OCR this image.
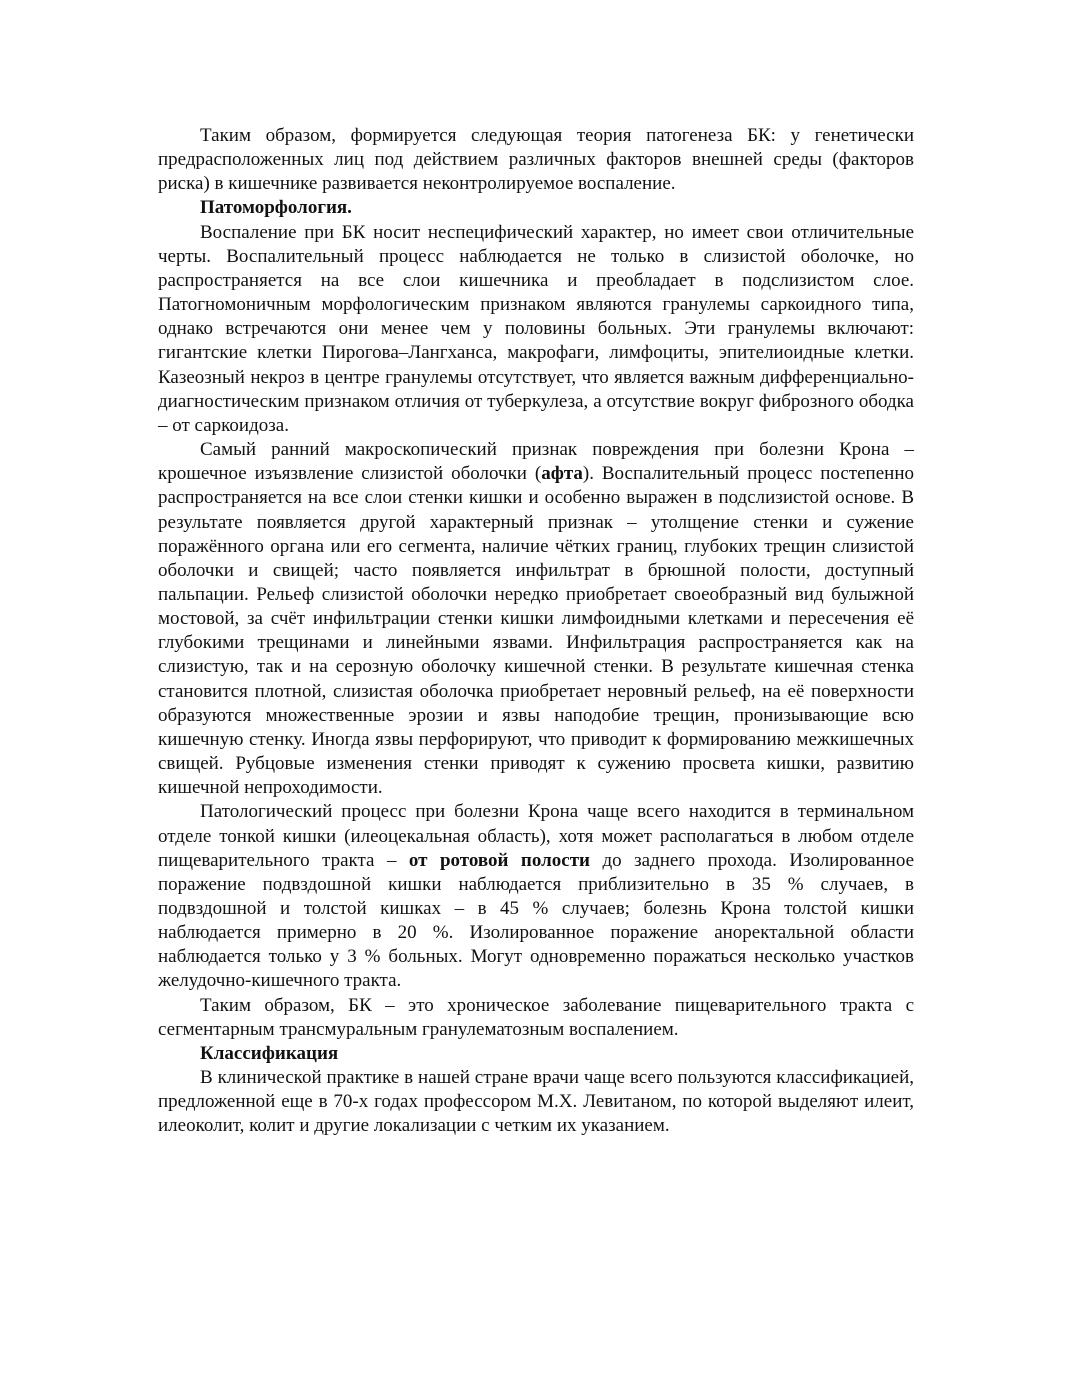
Таким образом, формируется следующая теория патогенеза БК: у генетически предрасположенных лиц под действием различных факторов внешней среды (факторов риска) в кишечнике развивается неконтролируемое воспаление.

Патоморфология.

Воспаление при БК носит неспецифический характер, но имеет свои отличительные черты. Воспалительный процесс наблюдается не только в слизистой оболочке, но распространяется на все слои кишечника и преобладает в подслизистом слое. Патогномоничным морфологическим признаком являются гранулемы саркоидного типа, однако встречаются они менее чем у половины больных. Эти гранулемы включают: гигантские клетки Пирогова–Лангханса, макрофаги, лимфоциты, эпителиоидные клетки. Казеозный некроз в центре гранулемы отсутствует, что является важным дифференциально-диагностическим признаком отличия от туберкулеза, а отсутствие вокруг фиброзного ободка – от саркоидоза.

Самый ранний макроскопический признак повреждения при болезни Крона – крошечное изъязвление слизистой оболочки (афта). Воспалительный процесс постепенно распространяется на все слои стенки кишки и особенно выражен в подслизистой основе. В результате появляется другой характерный признак – утолщение стенки и сужение поражённого органа или его сегмента, наличие чётких границ, глубоких трещин слизистой оболочки и свищей; часто появляется инфильтрат в брюшной полости, доступный пальпации. Рельеф слизистой оболочки нередко приобретает своеобразный вид булыжной мостовой, за счёт инфильтрации стенки кишки лимфоидными клетками и пересечения её глубокими трещинами и линейными язвами. Инфильтрация распространяется как на слизистую, так и на серозную оболочку кишечной стенки. В результате кишечная стенка становится плотной, слизистая оболочка приобретает неровный рельеф, на её поверхности образуются множественные эрозии и язвы наподобие трещин, пронизывающие всю кишечную стенку. Иногда язвы перфорируют, что приводит к формированию межкишечных свищей. Рубцовые изменения стенки приводят к сужению просвета кишки, развитию кишечной непроходимости.

Патологический процесс при болезни Крона чаще всего находится в терминальном отделе тонкой кишки (илеоцекальная область), хотя может располагаться в любом отделе пищеварительного тракта – от ротовой полости до заднего прохода. Изолированное поражение подвздошной кишки наблюдается приблизительно в 35 % случаев, в подвздошной и толстой кишках – в 45 % случаев; болезнь Крона толстой кишки наблюдается примерно в 20 %. Изолированное поражение аноректальной области наблюдается только у 3 % больных. Могут одновременно поражаться несколько участков желудочно-кишечного тракта.

Таким образом, БК – это хроническое заболевание пищеварительного тракта с сегментарным трансмуральным гранулематозным воспалением.

Классификация

В клинической практике в нашей стране врачи чаще всего пользуются классификацией, предложенной еще в 70-х годах профессором М.Х. Левитаном, по которой выделяют илеит, илеоколит, колит и другие локализации с четким их указанием.
